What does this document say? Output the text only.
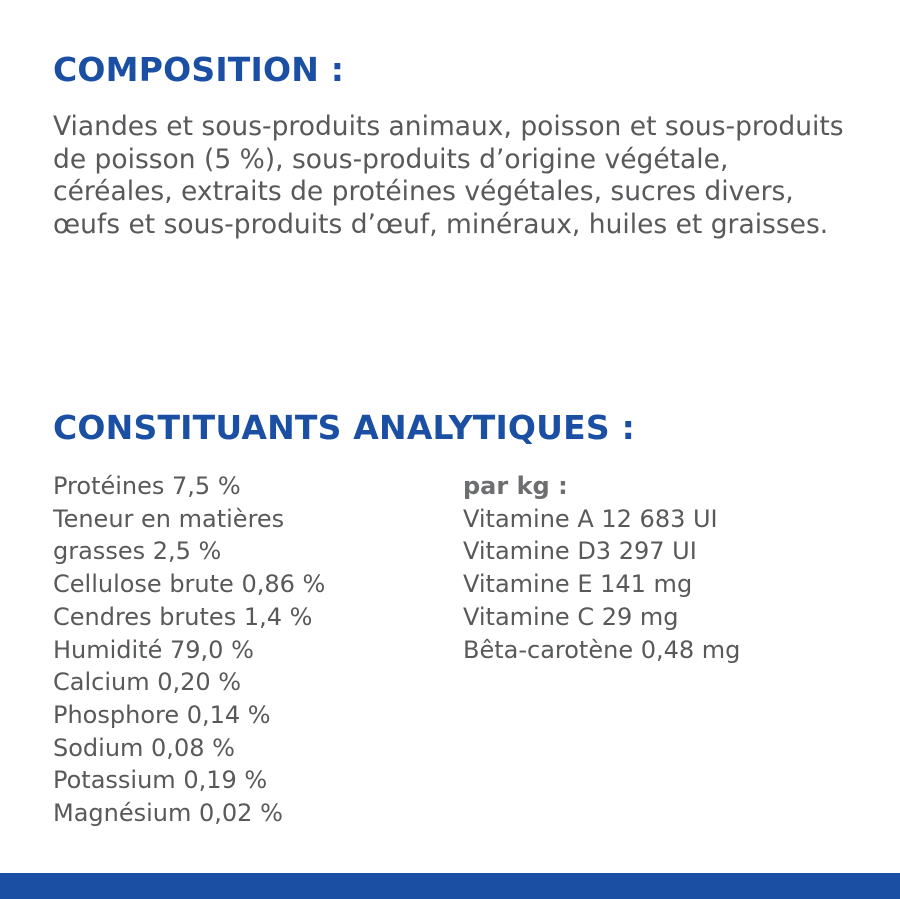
COMPOSITION :

Viandes et sous-produits animaux, poisson et sous-produits de poisson (5 %), sous-produits d’origine végétale, céréales, extraits de protéines végétales, sucres divers, œufs et sous-produits d’œuf, minéraux, huiles et graisses.

CONSTITUANTS ANALYTIQUES :
Protéines 7,5 %
Teneur en matières grasses 2,5 %
Cellulose brute 0,86 %
Cendres brutes 1,4 %
Humidité 79,0 %
Calcium 0,20 %
Phosphore 0,14 %
Sodium 0,08 %
Potassium 0,19 %
Magnésium 0,02 %
par kg :
Vitamine A 12 683 UI
Vitamine D3 297 UI
Vitamine E 141 mg
Vitamine C 29 mg
Bêta-carotène 0,48 mg
